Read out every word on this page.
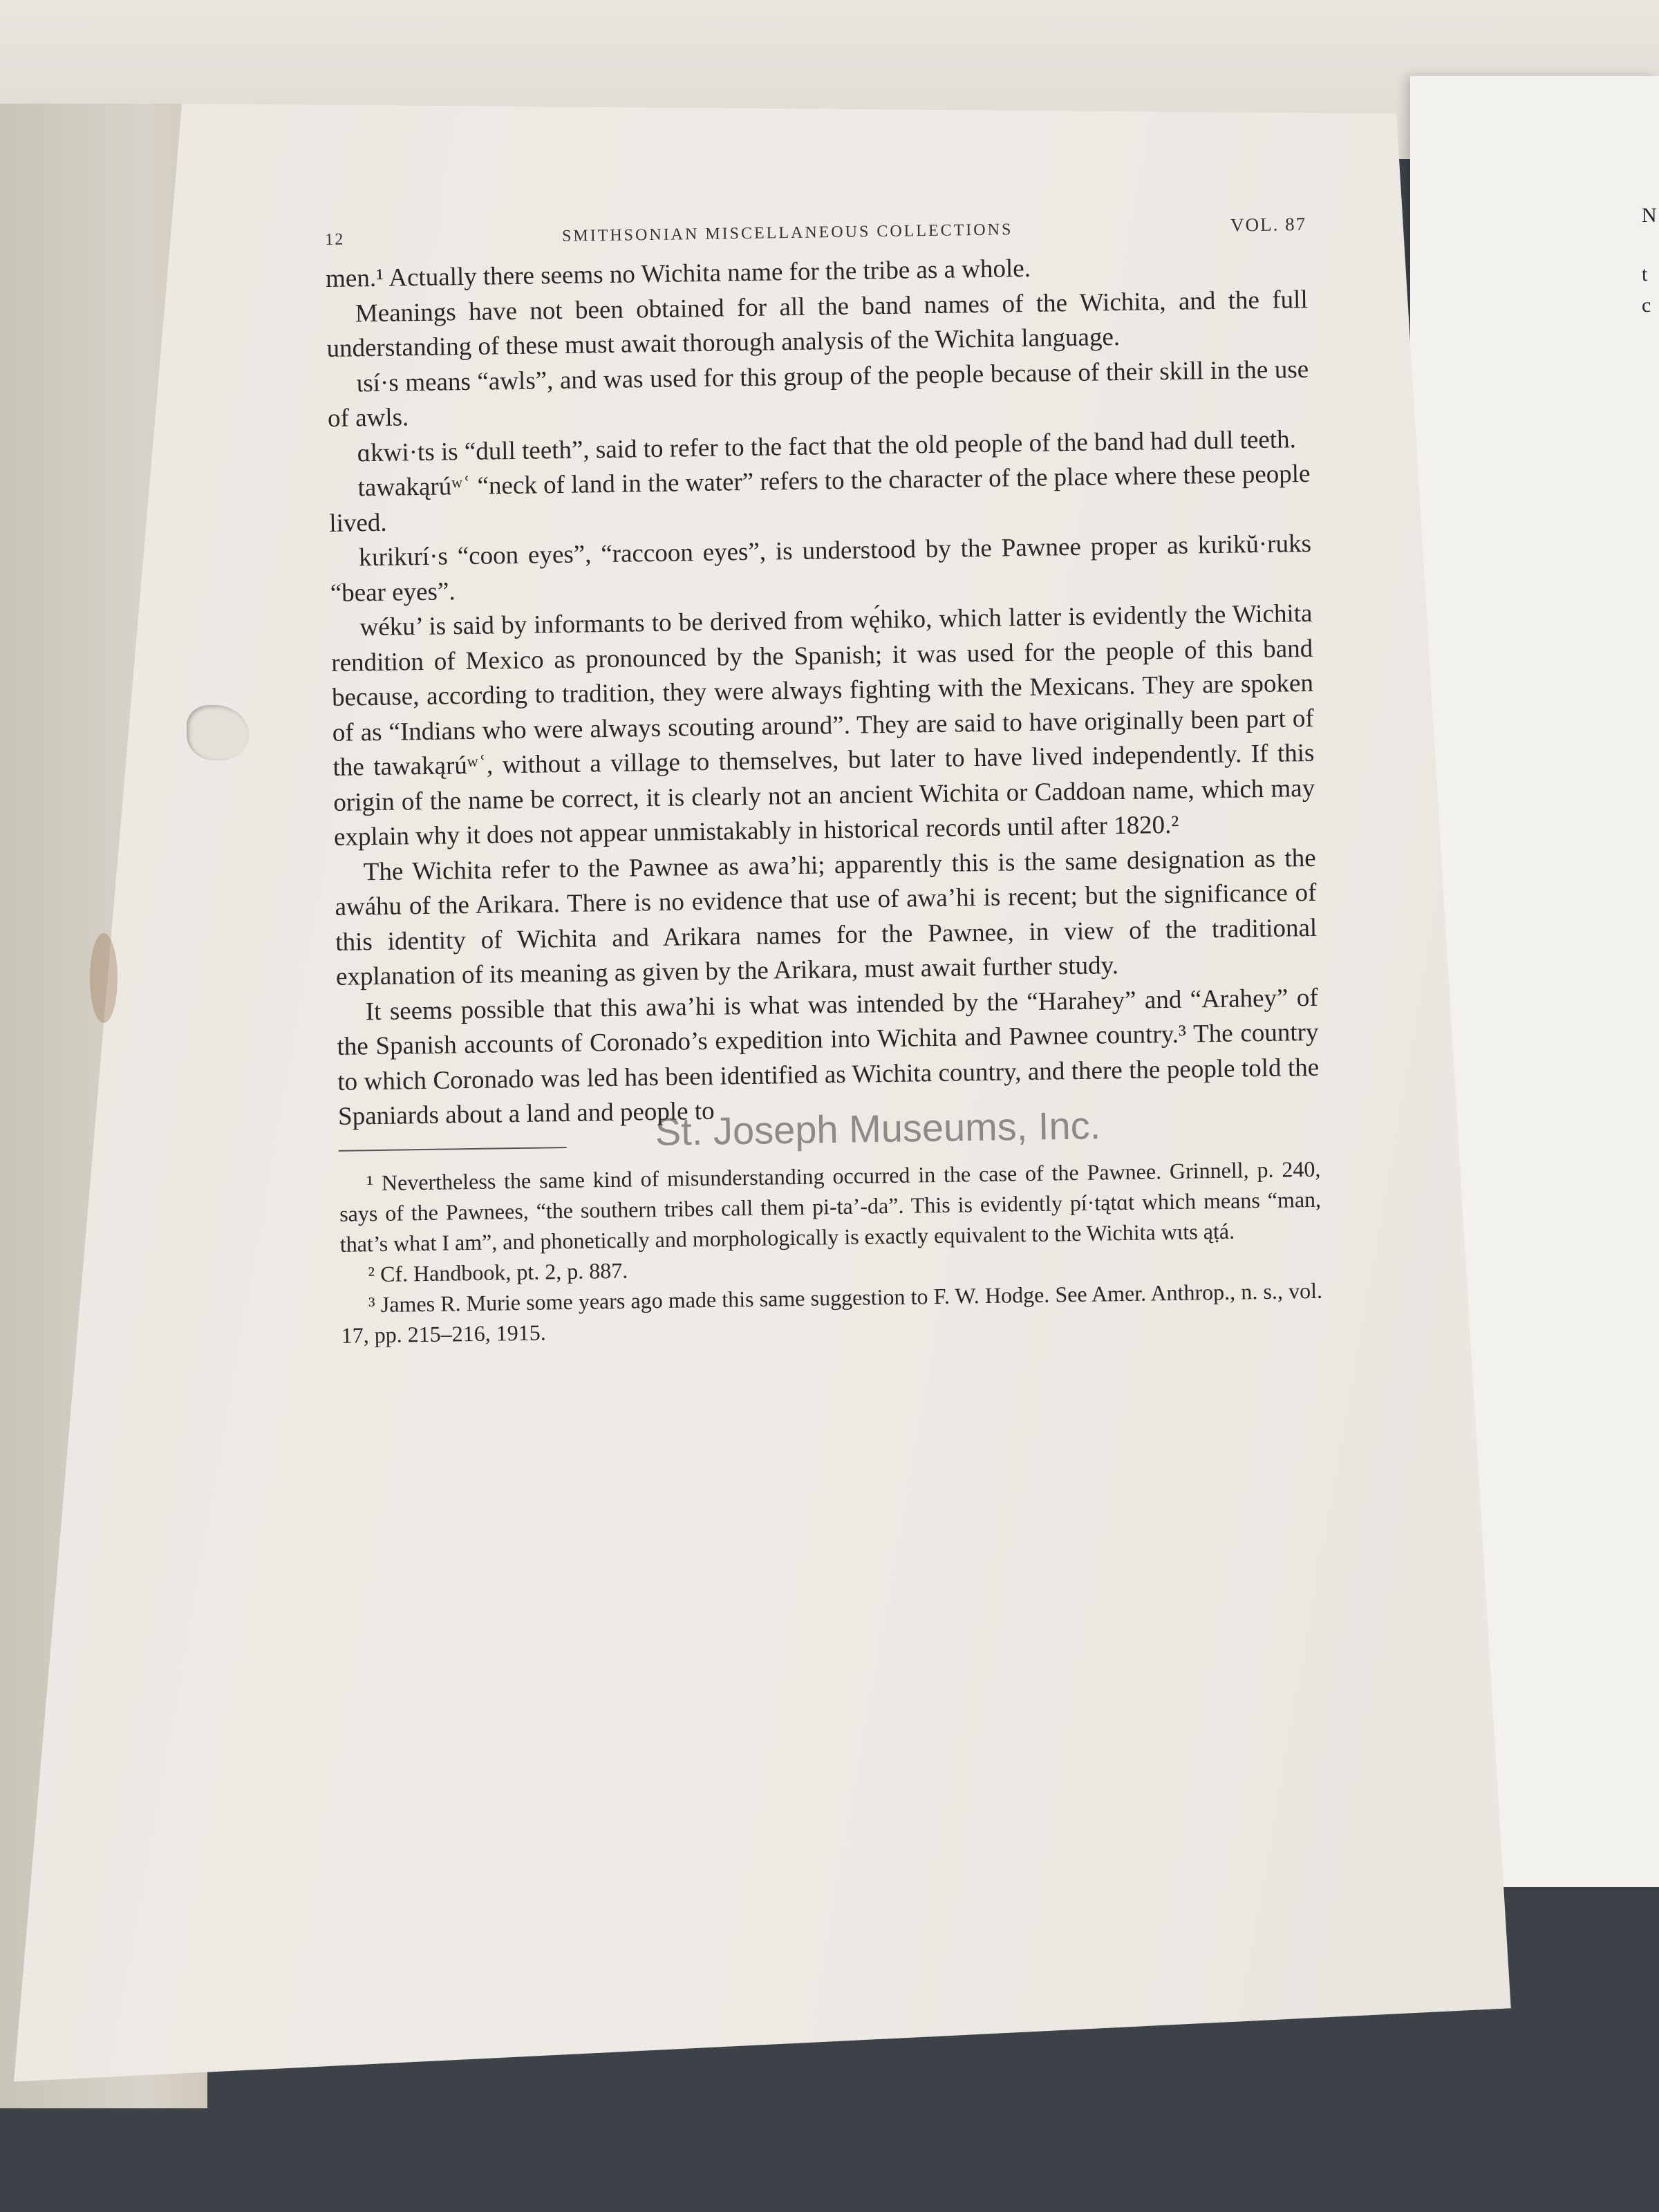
N
t
c
12	SMITHSONIAN MISCELLANEOUS COLLECTIONS	VOL. 87

men.¹ Actually there seems no Wichita name for the tribe as a whole.

Meanings have not been obtained for all the band names of the Wichita, and the full understanding of these must await thorough analysis of the Wichita language.

ɩsí·s means “awls”, and was used for this group of the people because of their skill in the use of awls.

ɑkwi·ts is “dull teeth”, said to refer to the fact that the old people of the band had dull teeth.

tawakąrúʷʿ “neck of land in the water” refers to the character of the place where these people lived.

kɩrikɩrí·s “coon eyes”, “raccoon eyes”, is understood by the Pawnee proper as kɩrikŭ·ruks “bear eyes”.

wéku’ is said by informants to be derived from wę́hiko, which latter is evidently the Wichita rendition of Mexico as pronounced by the Spanish; it was used for the people of this band because, according to tradition, they were always fighting with the Mexicans. They are spoken of as “Indians who were always scouting around”. They are said to have originally been part of the tawakąrúʷʿ, without a village to themselves, but later to have lived independently. If this origin of the name be correct, it is clearly not an ancient Wichita or Caddoan name, which may explain why it does not appear unmistakably in historical records until after 1820.²

The Wichita refer to the Pawnee as awa’hi; apparently this is the same designation as the awáhu of the Arikara. There is no evidence that use of awa’hi is recent; but the significance of this identity of Wichita and Arikara names for the Pawnee, in view of the traditional explanation of its meaning as given by the Arikara, must await further study.

It seems possible that this awa’hi is what was intended by the “Harahey” and “Arahey” of the Spanish accounts of Coronado’s expedition into Wichita and Pawnee country.³ The country to which Coronado was led has been identified as Wichita country, and there the people told the Spaniards about a land and people to

¹ Nevertheless the same kind of misunderstanding occurred in the case of the Pawnee. Grinnell, p. 240, says of the Pawnees, “the southern tribes call them pi-ta’-da”. This is evidently pí·tątɑt which means “man, that’s what I am”, and phonetically and morphologically is exactly equivalent to the Wichita wɩts ąṭá.

² Cf. Handbook, pt. 2, p. 887.

³ James R. Murie some years ago made this same suggestion to F. W. Hodge. See Amer. Anthrop., n. s., vol. 17, pp. 215–216, 1915.

St. Joseph Museums, Inc.
